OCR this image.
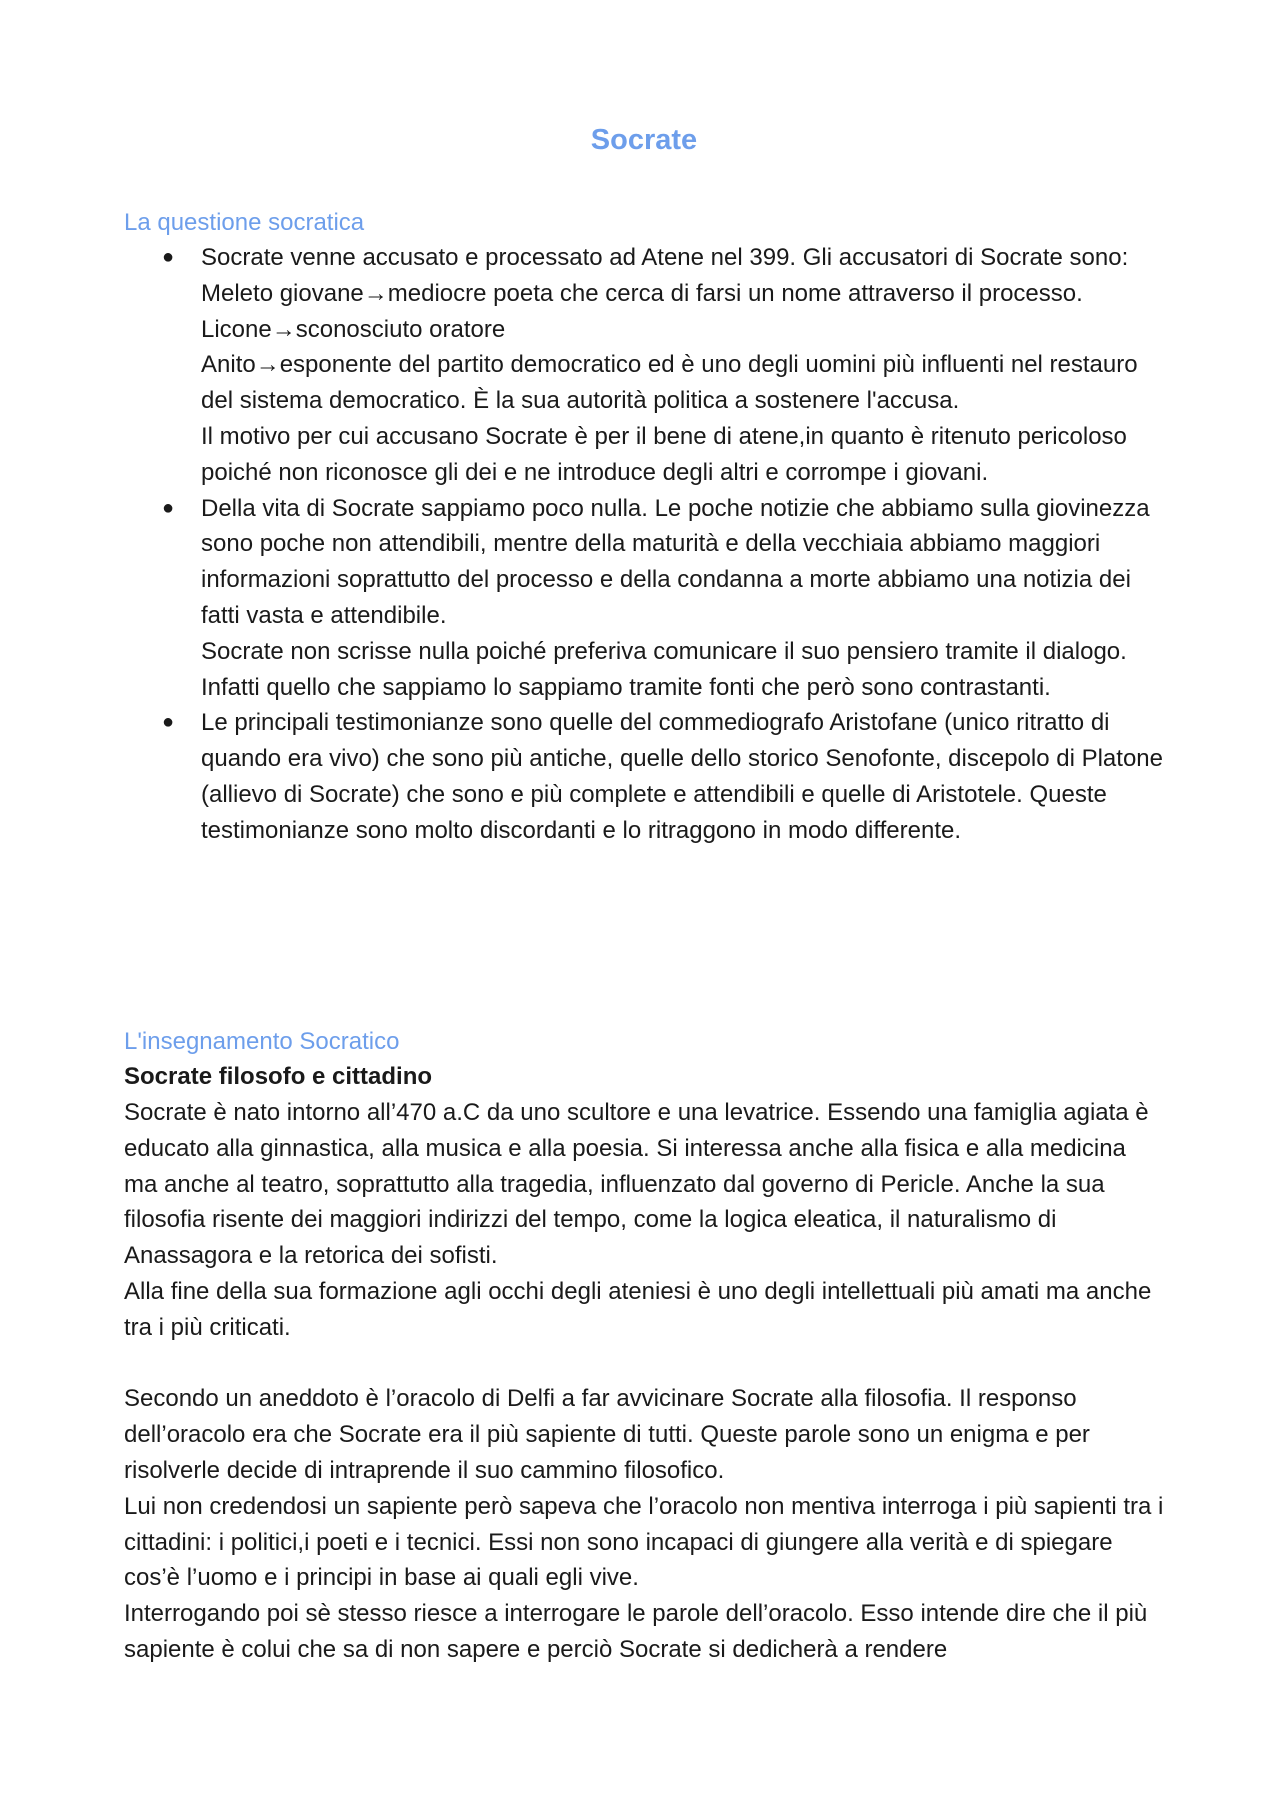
Socrate
La questione socratica
● Socrate venne accusato e processato ad Atene nel 399. Gli accusatori di Socrate sono:

Meleto giovane→mediocre poeta che cerca di farsi un nome attraverso il processo.

Licone→sconosciuto oratore

Anito→esponente del partito democratico ed è uno degli uomini più influenti nel restauro del sistema democratico. È la sua autorità politica a sostenere l'accusa.

Il motivo per cui accusano Socrate è per il bene di atene,in quanto è ritenuto pericoloso poiché non riconosce gli dei e ne introduce degli altri e corrompe i giovani.

● Della vita di Socrate sappiamo poco nulla. Le poche notizie che abbiamo sulla giovinezza sono poche non attendibili, mentre della maturità e della vecchiaia abbiamo maggiori informazioni soprattutto del processo e della condanna a morte abbiamo una notizia dei fatti vasta e attendibile.

Socrate non scrisse nulla poiché preferiva comunicare il suo pensiero tramite il dialogo. Infatti quello che sappiamo lo sappiamo tramite fonti che però sono contrastanti.

● Le principali testimonianze sono quelle del commediografo Aristofane (unico ritratto di quando era vivo) che sono più antiche, quelle dello storico Senofonte, discepolo di Platone (allievo di Socrate) che sono e più complete e attendibili e quelle di Aristotele. Queste testimonianze sono molto discordanti e lo ritraggono in modo differente.

L'insegnamento Socratico
Socrate filosofo e cittadino

Socrate è nato intorno all’470 a.C da uno scultore e una levatrice. Essendo una famiglia agiata è educato alla ginnastica, alla musica e alla poesia. Si interessa anche alla fisica e alla medicina ma anche al teatro, soprattutto alla tragedia, influenzato dal governo di Pericle. Anche la sua filosofia risente dei maggiori indirizzi del tempo, come la logica eleatica, il naturalismo di Anassagora e la retorica dei sofisti.

Alla fine della sua formazione agli occhi degli ateniesi è uno degli intellettuali più amati ma anche tra i più criticati.

Secondo un aneddoto è l’oracolo di Delfi a far avvicinare Socrate alla filosofia. Il responso dell’oracolo era che Socrate era il più sapiente di tutti. Queste parole sono un enigma e per risolverle decide di intraprende il suo cammino filosofico.

Lui non credendosi un sapiente però sapeva che l’oracolo non mentiva interroga i più sapienti tra i cittadini: i politici,i poeti e i tecnici. Essi non sono incapaci di giungere alla verità e di spiegare cos’è l’uomo e i principi in base ai quali egli vive.

Interrogando poi sè stesso riesce a interrogare le parole dell’oracolo. Esso intende dire che il più sapiente è colui che sa di non sapere e perciò Socrate si dedicherà a rendere
